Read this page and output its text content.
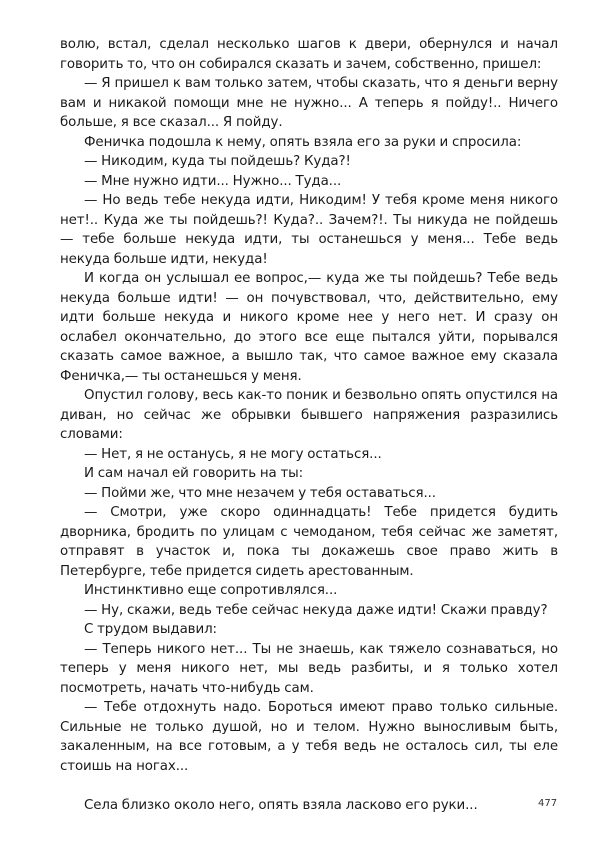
волю, встал, сделал несколько шагов к двери, обернулся и начал говорить то, что он собирался сказать и зачем, собственно, пришел:

— Я пришел к вам только затем, чтобы сказать, что я деньги верну вам и никакой помощи мне не нужно... А теперь я пойду!.. Ничего больше, я все сказал... Я пойду.

Феничка подошла к нему, опять взяла его за руки и спросила:

— Никодим, куда ты пойдешь? Куда?!

— Мне нужно идти... Нужно... Туда...

— Но ведь тебе некуда идти, Никодим! У тебя кроме меня никого нет!.. Куда же ты пойдешь?! Куда?.. Зачем?!. Ты никуда не пойдешь — тебе больше некуда идти, ты останешься у меня... Тебе ведь некуда больше идти, некуда!

И когда он услышал ее вопрос,— куда же ты пойдешь? Тебе ведь некуда больше идти! — он почувствовал, что, действительно, ему идти больше некуда и никого кроме нее у него нет. И сразу он ослабел окончательно, до этого все еще пытался уйти, порывался сказать самое важное, а вышло так, что самое важное ему сказала Феничка,— ты останешься у меня.

Опустил голову, весь как-то поник и безвольно опять опустился на диван, но сейчас же обрывки бывшего напряжения разразились словами:

— Нет, я не останусь, я не могу остаться...

И сам начал ей говорить на ты:

— Пойми же, что мне незачем у тебя оставаться...

— Смотри, уже скоро одиннадцать! Тебе придется будить дворника, бродить по улицам с чемоданом, тебя сейчас же заметят, отправят в участок и, пока ты докажешь свое право жить в Петербурге, тебе придется сидеть арестованным.

Инстинктивно еще сопротивлялся...

— Ну, скажи, ведь тебе сейчас некуда даже идти! Скажи правду?

С трудом выдавил:

— Теперь никого нет... Ты не знаешь, как тяжело сознаваться, но теперь у меня никого нет, мы ведь разбиты, и я только хотел посмотреть, начать что-нибудь сам.

— Тебе отдохнуть надо. Бороться имеют право только сильные. Сильные не только душой, но и телом. Нужно выносливым быть, закаленным, на все готовым, а у тебя ведь не осталось сил, ты еле стоишь на ногах...

Села близко около него, опять взяла ласково его руки...	477
